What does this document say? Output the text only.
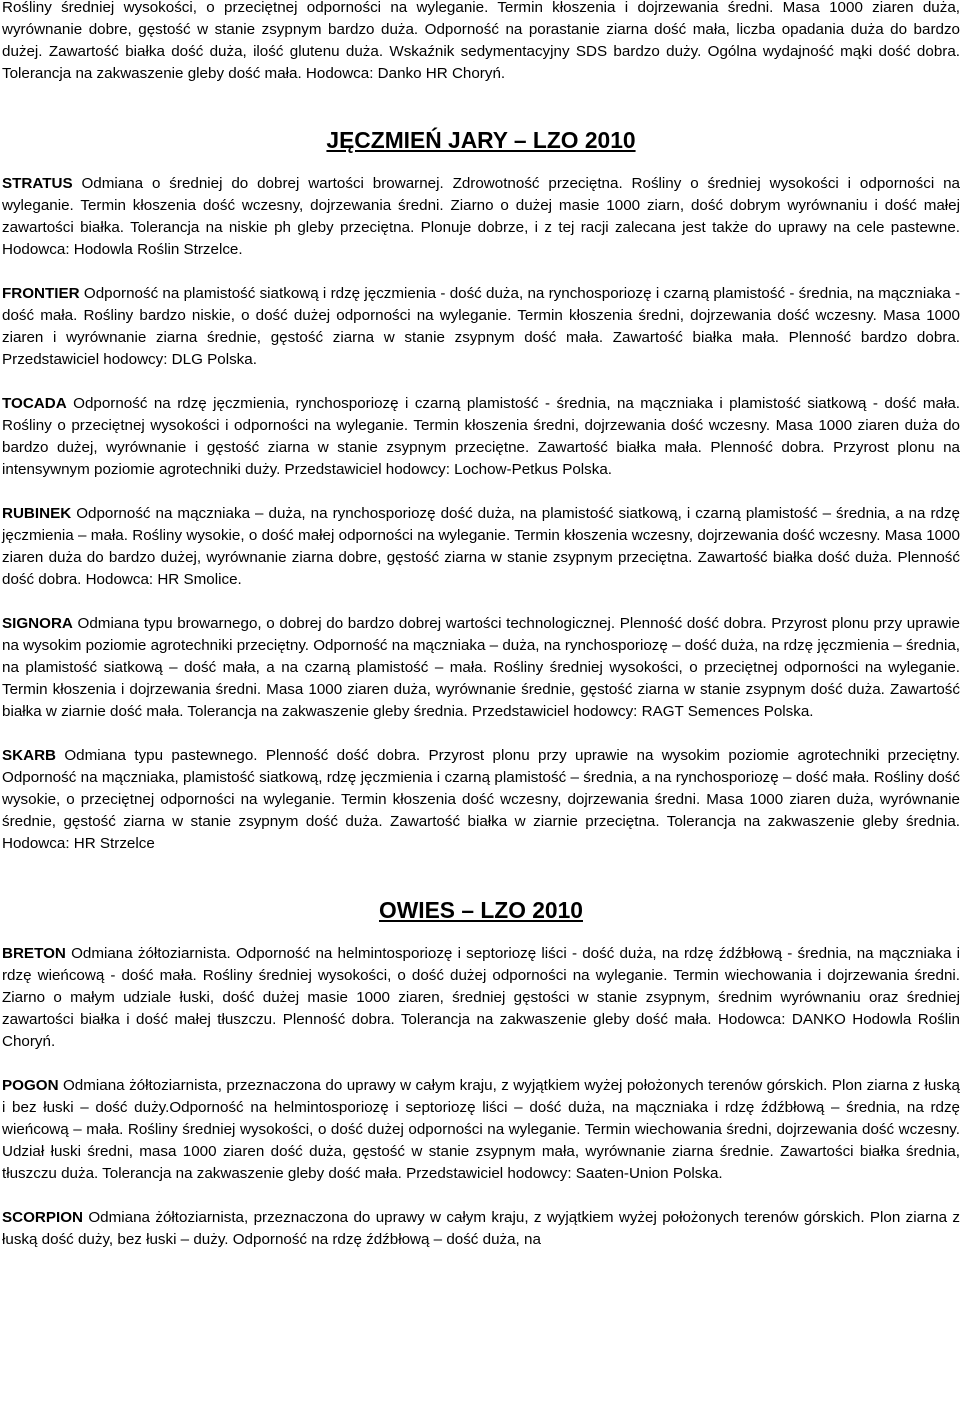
Rośliny średniej wysokości, o przeciętnej odporności na wyleganie. Termin kłoszenia i dojrzewania średni. Masa 1000 ziaren duża, wyrównanie dobre, gęstość w stanie zsypnym bardzo duża. Odporność na porastanie ziarna dość mała, liczba opadania duża do bardzo dużej. Zawartość białka dość duża, ilość glutenu duża. Wskaźnik sedymentacyjny SDS bardzo duży. Ogólna wydajność mąki dość dobra. Tolerancja na zakwaszenie gleby dość mała. Hodowca: Danko HR Choryń.

JĘCZMIEŃ JARY – LZO 2010

STRATUS Odmiana o średniej do dobrej wartości browarnej. Zdrowotność przeciętna. Rośliny o średniej wysokości i odporności na wyleganie. Termin kłoszenia dość wczesny, dojrzewania średni. Ziarno o dużej masie 1000 ziarn, dość dobrym wyrównaniu i dość małej zawartości białka. Tolerancja na niskie ph gleby przeciętna. Plonuje dobrze, i z tej racji zalecana jest także do uprawy na cele pastewne. Hodowca: Hodowla Roślin Strzelce.

FRONTIER Odporność na plamistość siatkową i rdzę jęczmienia - dość duża, na rynchosporiozę i czarną plamistość - średnia, na mączniaka - dość mała. Rośliny bardzo niskie, o dość dużej odporności na wyleganie. Termin kłoszenia średni, dojrzewania dość wczesny. Masa 1000 ziaren i wyrównanie ziarna średnie, gęstość ziarna w stanie zsypnym dość mała. Zawartość białka mała. Plenność bardzo dobra. Przedstawiciel hodowcy: DLG Polska.

TOCADA Odporność na rdzę jęczmienia, rynchosporiozę i czarną plamistość - średnia, na mączniaka i plamistość siatkową - dość mała. Rośliny o przeciętnej wysokości i odporności na wyleganie. Termin kłoszenia średni, dojrzewania dość wczesny. Masa 1000 ziaren duża do bardzo dużej, wyrównanie i gęstość ziarna w stanie zsypnym przeciętne. Zawartość białka mała. Plenność dobra. Przyrost plonu na intensywnym poziomie agrotechniki duży. Przedstawiciel hodowcy: Lochow-Petkus Polska.

RUBINEK Odporność na mączniaka – duża, na rynchosporiozę dość duża, na plamistość siatkową, i czarną plamistość – średnia, a na rdzę jęczmienia – mała. Rośliny wysokie, o dość małej odporności na wyleganie. Termin kłoszenia wczesny, dojrzewania dość wczesny. Masa 1000 ziaren duża do bardzo dużej, wyrównanie ziarna dobre, gęstość ziarna w stanie zsypnym przeciętna. Zawartość białka dość duża. Plenność dość dobra. Hodowca: HR Smolice.

SIGNORA Odmiana typu browarnego, o dobrej do bardzo dobrej wartości technologicznej. Plenność dość dobra. Przyrost plonu przy uprawie na wysokim poziomie agrotechniki przeciętny. Odporność na mączniaka – duża, na rynchosporiozę – dość duża, na rdzę jęczmienia – średnia, na plamistość siatkową – dość mała, a na czarną plamistość – mała. Rośliny średniej wysokości, o przeciętnej odporności na wyleganie. Termin kłoszenia i dojrzewania średni. Masa 1000 ziaren duża, wyrównanie średnie, gęstość ziarna w stanie zsypnym dość duża. Zawartość białka w ziarnie dość mała. Tolerancja na zakwaszenie gleby średnia. Przedstawiciel hodowcy: RAGT Semences Polska.

SKARB Odmiana typu pastewnego. Plenność dość dobra. Przyrost plonu przy uprawie na wysokim poziomie agrotechniki przeciętny. Odporność na mączniaka, plamistość siatkową, rdzę jęczmienia i czarną plamistość – średnia, a na rynchosporiozę – dość mała. Rośliny dość wysokie, o przeciętnej odporności na wyleganie. Termin kłoszenia dość wczesny, dojrzewania średni. Masa 1000 ziaren duża, wyrównanie średnie, gęstość ziarna w stanie zsypnym dość duża. Zawartość białka w ziarnie przeciętna. Tolerancja na zakwaszenie gleby średnia. Hodowca: HR Strzelce

OWIES – LZO 2010

BRETON Odmiana żółtoziarnista. Odporność na helmintosporiozę i septoriozę liści - dość duża, na rdzę źdźbłową - średnia, na mączniaka i rdzę wieńcową - dość mała. Rośliny średniej wysokości, o dość dużej odporności na wyleganie. Termin wiechowania i dojrzewania średni. Ziarno o małym udziale łuski, dość dużej masie 1000 ziaren, średniej gęstości w stanie zsypnym, średnim wyrównaniu oraz średniej zawartości białka i dość małej tłuszczu. Plenność dobra. Tolerancja na zakwaszenie gleby dość mała. Hodowca: DANKO Hodowla Roślin Choryń.

POGON Odmiana żółtoziarnista, przeznaczona do uprawy w całym kraju, z wyjątkiem wyżej położonych terenów górskich. Plon ziarna z łuską i bez łuski – dość duży.Odporność na helmintosporiozę i septoriozę liści – dość duża, na mączniaka i rdzę źdźbłową – średnia, na rdzę wieńcową – mała. Rośliny średniej wysokości, o dość dużej odporności na wyleganie. Termin wiechowania średni, dojrzewania dość wczesny. Udział łuski średni, masa 1000 ziaren dość duża, gęstość w stanie zsypnym mała, wyrównanie ziarna średnie. Zawartości białka średnia, tłuszczu duża. Tolerancja na zakwaszenie gleby dość mała. Przedstawiciel hodowcy: Saaten-Union Polska.

SCORPION Odmiana żółtoziarnista, przeznaczona do uprawy w całym kraju, z wyjątkiem wyżej położonych terenów górskich. Plon ziarna z łuską dość duży, bez łuski – duży. Odporność na rdzę źdźbłową – dość duża, na
